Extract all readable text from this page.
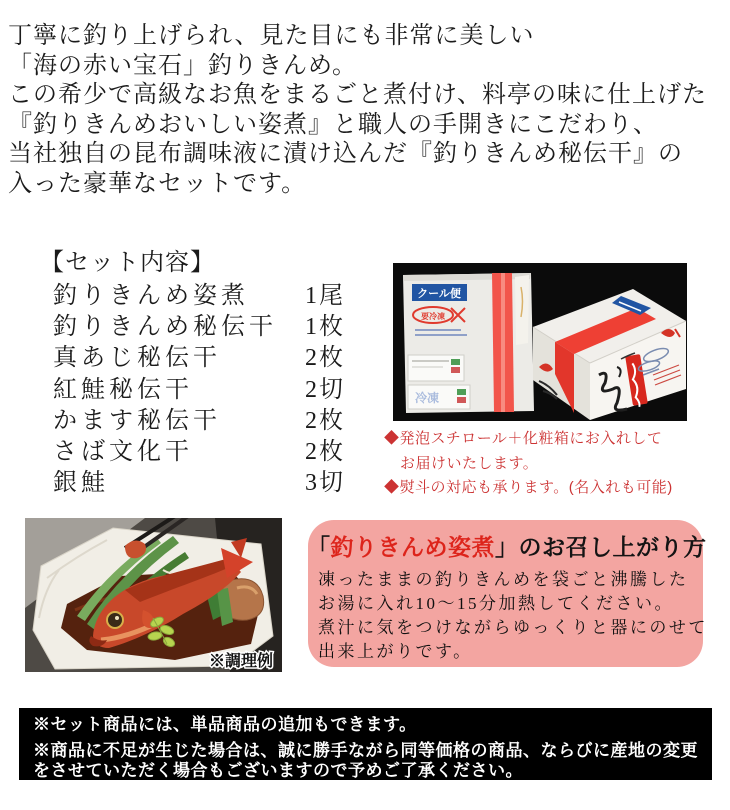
丁寧に釣り上げられ、見た目にも非常に美しい
「海の赤い宝石」釣りきんめ。
この希少で高級なお魚をまるごと煮付け、料亭の味に仕上げた
『釣りきんめおいしい姿煮』と職人の手開きにこだわり、
当社独自の昆布調味液に漬け込んだ『釣りきんめ秘伝干』の
入った豪華なセットです。
【セット内容】
釣りきんめ姿煮 1尾
釣りきんめ秘伝干 1枚
真あじ秘伝干	2枚
紅鮭秘伝干	2切
かます秘伝干	2枚
さば文化干	2枚
銀鮭	3切
クール便
要冷凍
冷凍
◆発泡スチロール＋化粧箱にお入れして
お届けいたします。
◆熨斗の対応も承ります。(名入れも可能)
※調理例
「釣りきんめ姿煮」のお召し上がり方
凍ったままの釣りきんめを袋ごと沸騰した
お湯に入れ10～15分加熱してください。
煮汁に気をつけながらゆっくりと器にのせて
出来上がりです。
※セット商品には、単品商品の追加もできます。
※商品に不足が生じた場合は、誠に勝手ながら同等価格の商品、ならびに産地の変更
をさせていただく場合もございますので予めご了承ください。
